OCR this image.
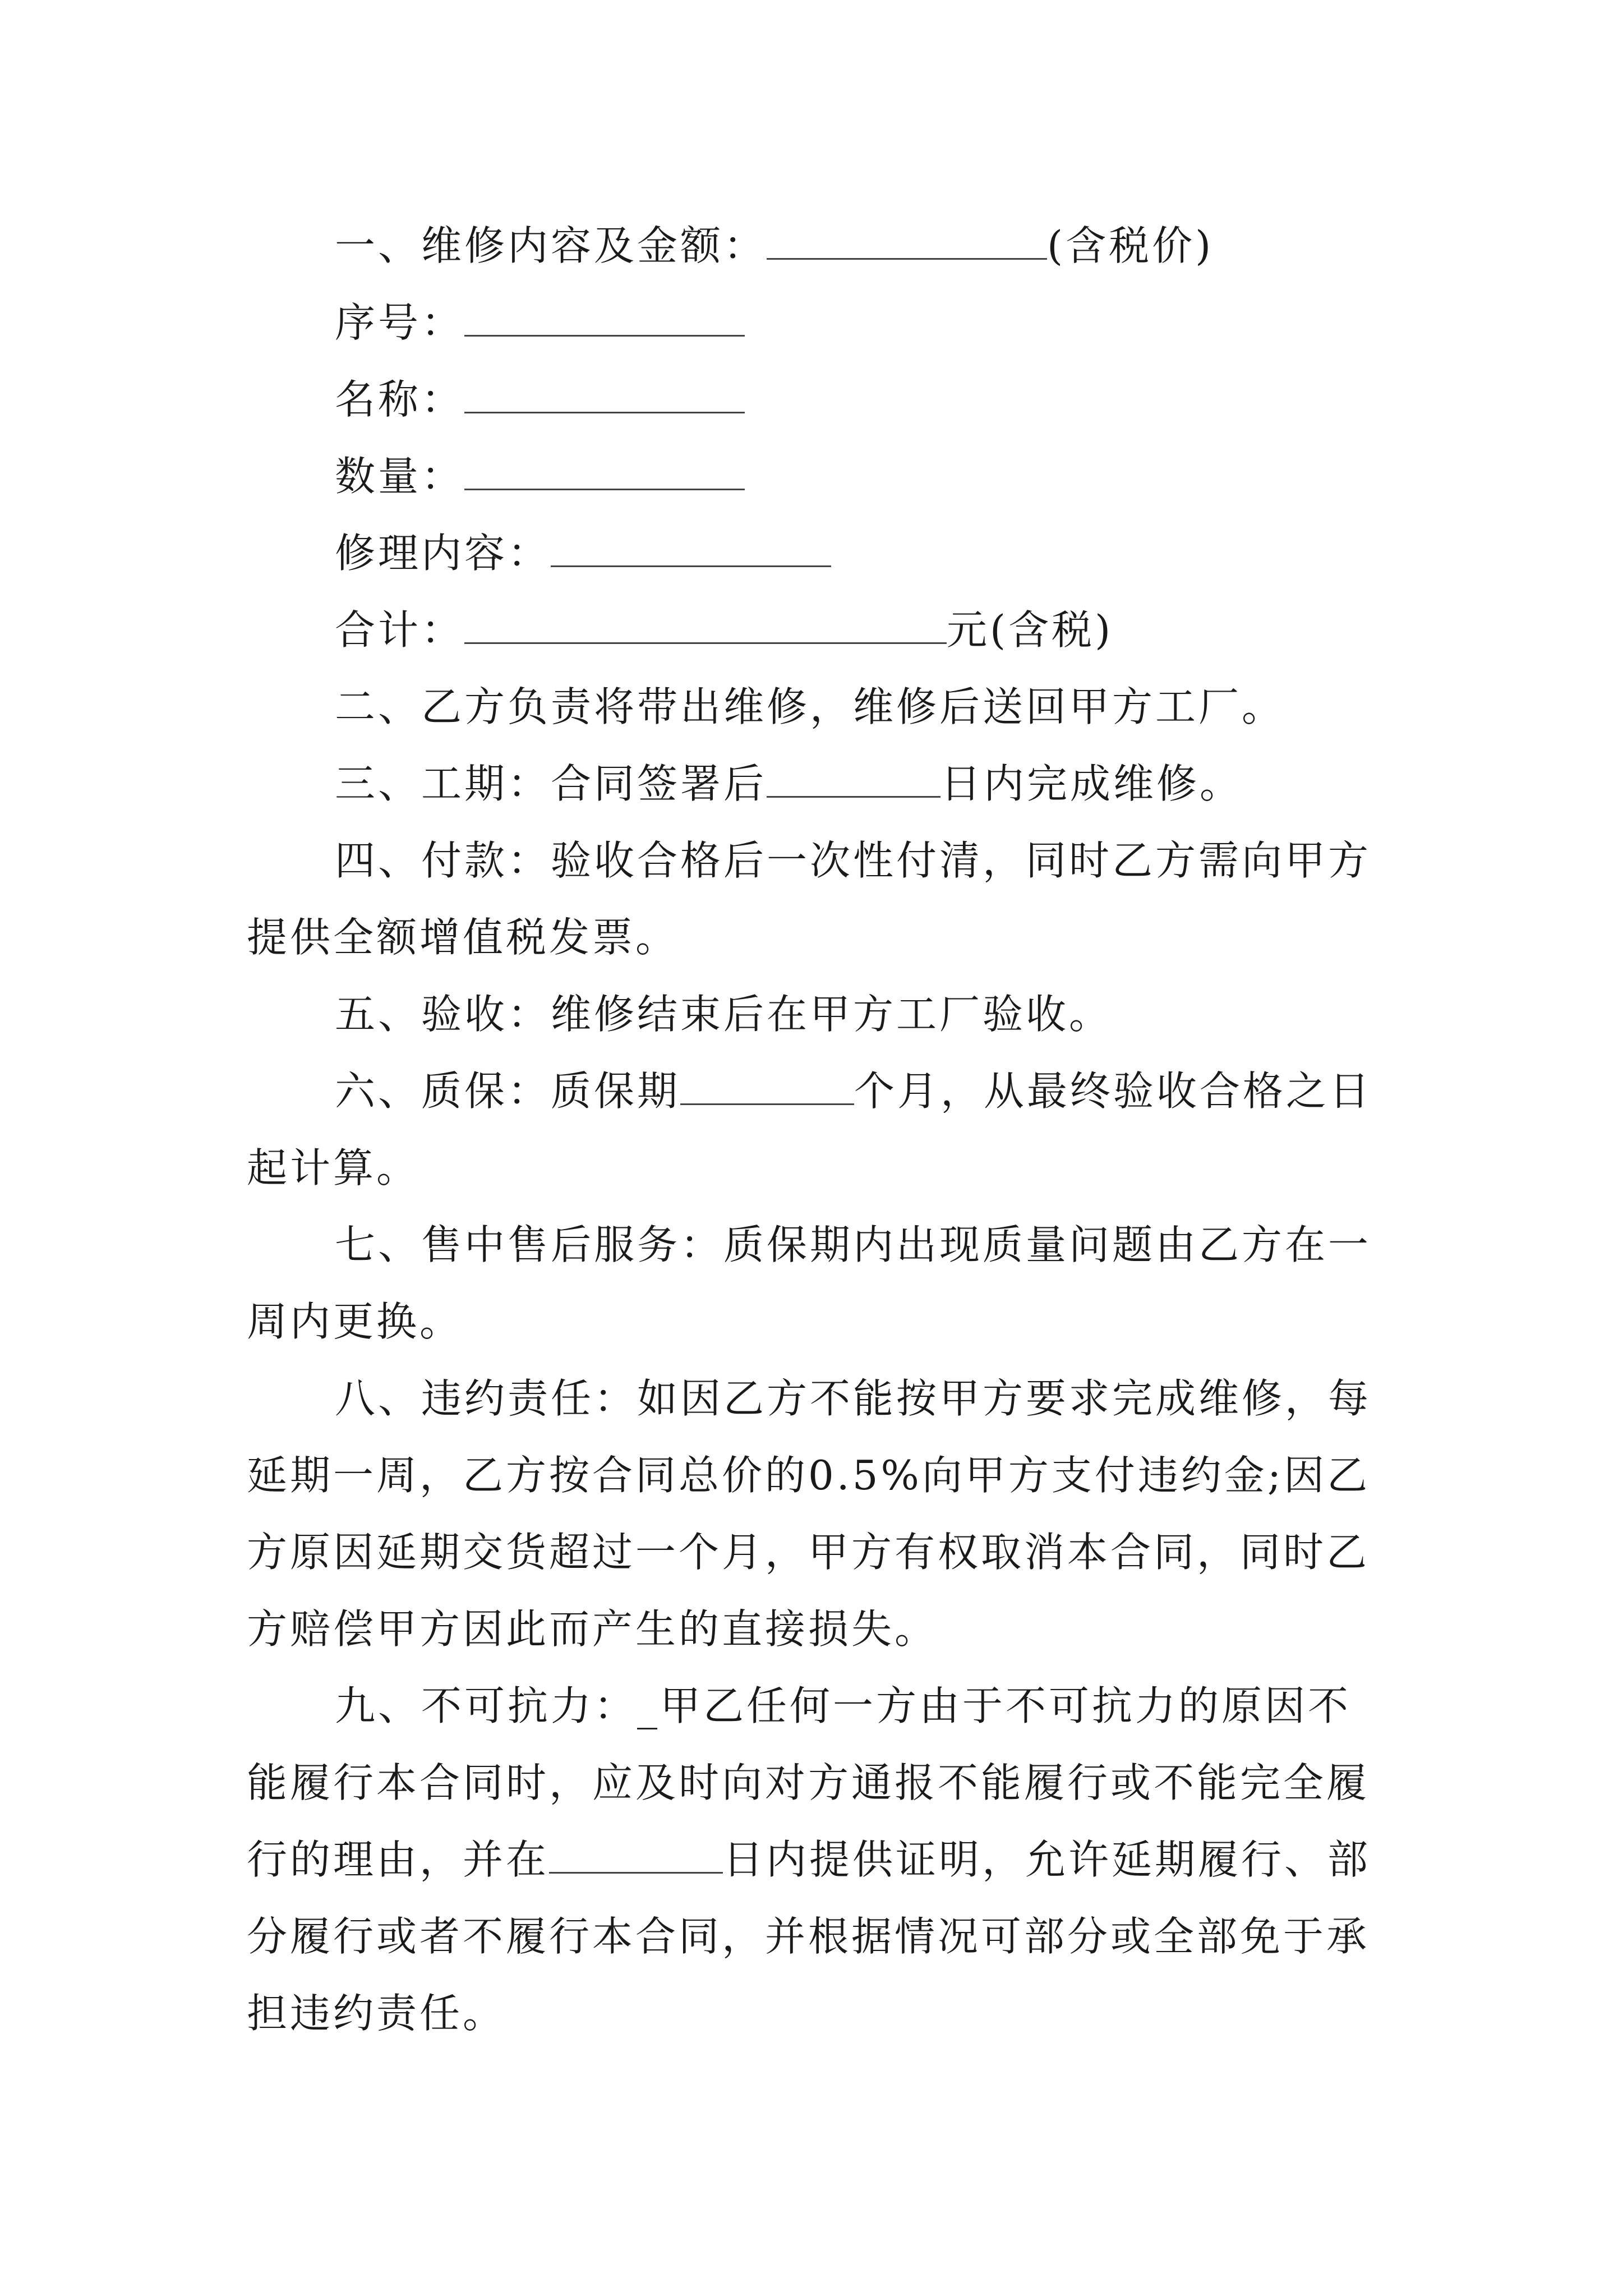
一、维修内容及金额：	(含税价)
序号：
名称：
数量：
修理内容：
合计：	元(含税)
二、乙方负责将带出维修，维修后送回甲方工厂。
三、工期：合同签署后	日内完成维修。
四、付款：验收合格后一次性付清，同时乙方需向甲方
提供全额增值税发票。
五、验收：维修结束后在甲方工厂验收。
六、质保：质保期	个月，从最终验收合格之日
起计算。
七、售中售后服务：质保期内出现质量问题由乙方在一
周内更换。
八、违约责任：如因乙方不能按甲方要求完成维修，每
延期一周，乙方按合同总价的0.5%向甲方支付违约金;因乙
方原因延期交货超过一个月，甲方有权取消本合同，同时乙
方赔偿甲方因此而产生的直接损失。
九、不可抗力：_甲乙任何一方由于不可抗力的原因不
能履行本合同时，应及时向对方通报不能履行或不能完全履
行的理由，并在	日内提供证明，允许延期履行、部
分履行或者不履行本合同，并根据情况可部分或全部免于承
担违约责任。
